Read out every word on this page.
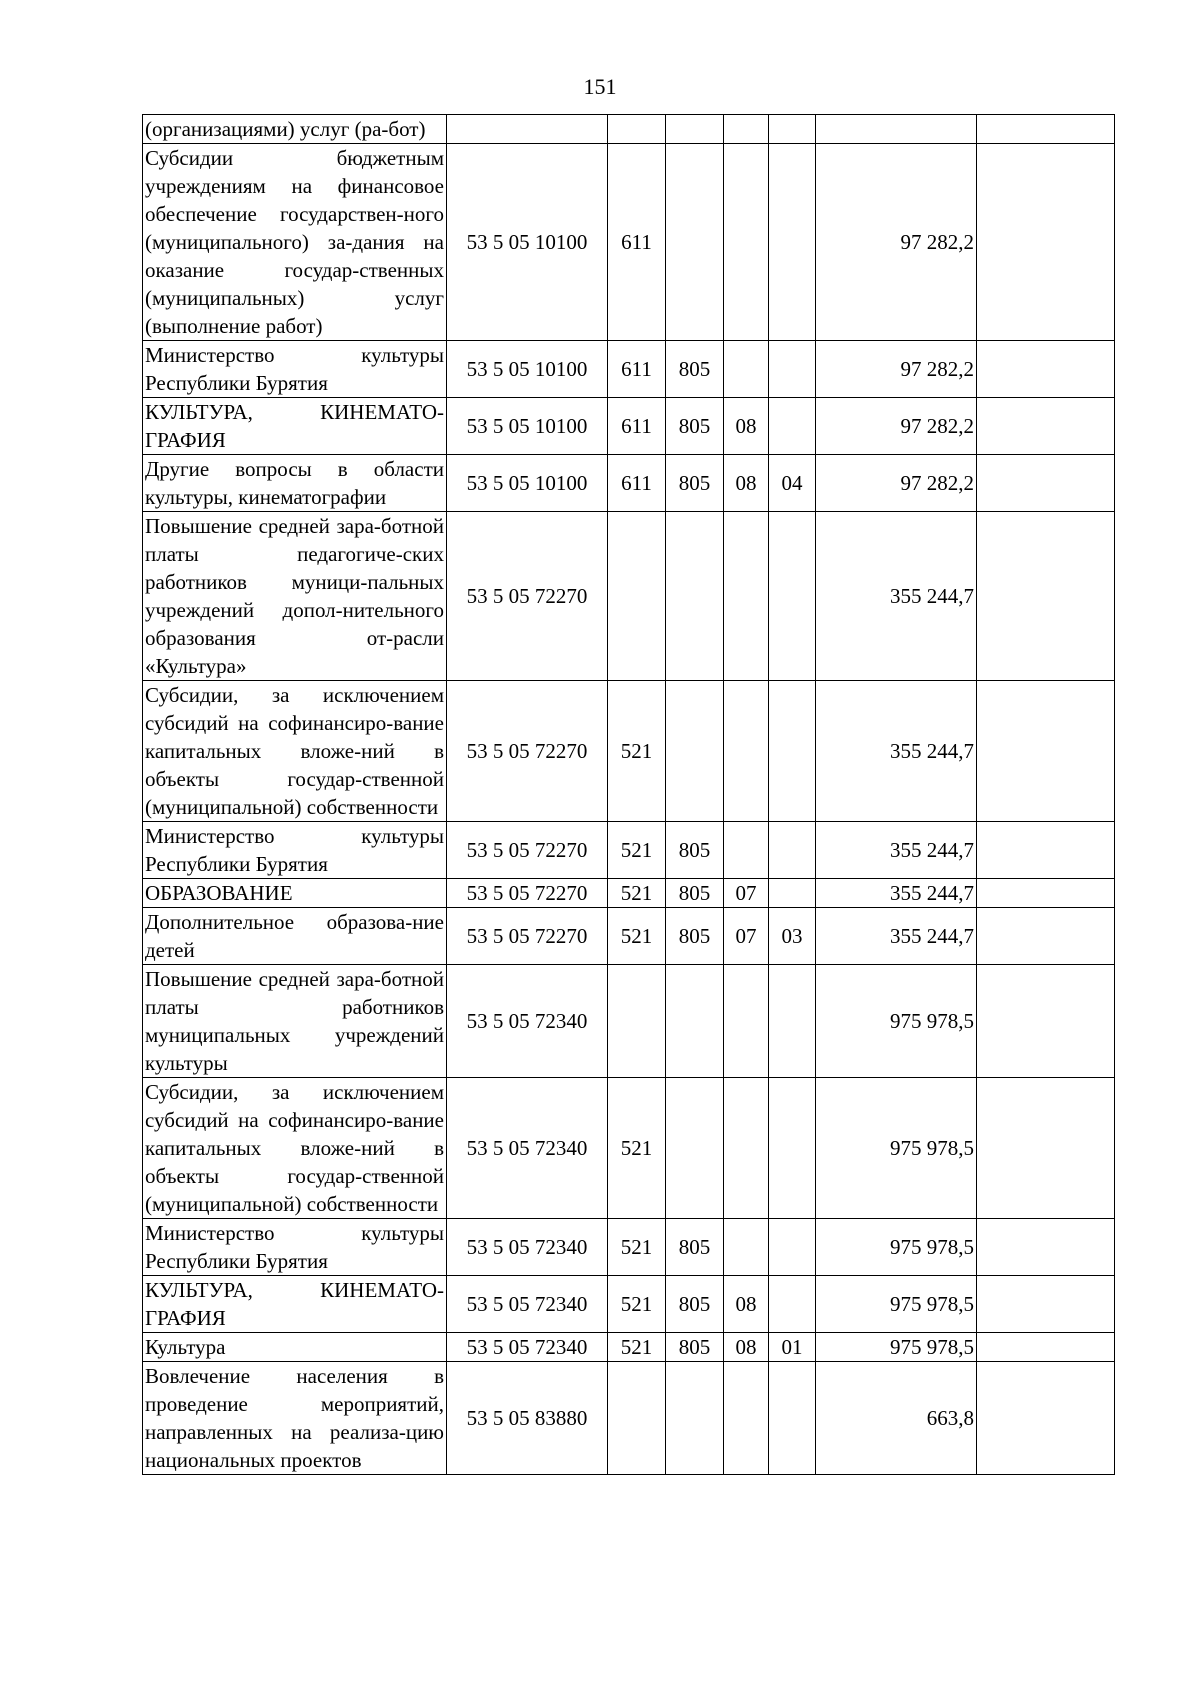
151
(организациями) услуг (ра-бот)							
Субсидии бюджетным учреждениям на финансовое обеспечение государствен-ного (муниципального) за-дания на оказание государ-ственных (муниципальных) услуг (выполнение работ)	53 5 05 10100	611				97 282,2	
Министерство культуры Республики Бурятия	53 5 05 10100	611	805			97 282,2	
КУЛЬТУРА, КИНЕМАТО-ГРАФИЯ	53 5 05 10100	611	805	08		97 282,2	
Другие вопросы в области культуры, кинематографии	53 5 05 10100	611	805	08	04	97 282,2	
Повышение средней зара-ботной платы педагогиче-ских работников муници-пальных учреждений допол-нительного образования от-расли «Культура»	53 5 05 72270					355 244,7	
Субсидии, за исключением субсидий на софинансиро-вание капитальных вложе-ний в объекты государ-ственной (муниципальной) собственности	53 5 05 72270	521				355 244,7	
Министерство культуры Республики Бурятия	53 5 05 72270	521	805			355 244,7	
ОБРАЗОВАНИЕ	53 5 05 72270	521	805	07		355 244,7	
Дополнительное образова-ние детей	53 5 05 72270	521	805	07	03	355 244,7	
Повышение средней зара-ботной платы работников муниципальных учреждений культуры	53 5 05 72340					975 978,5	
Субсидии, за исключением субсидий на софинансиро-вание капитальных вложе-ний в объекты государ-ственной (муниципальной) собственности	53 5 05 72340	521				975 978,5	
Министерство культуры Республики Бурятия	53 5 05 72340	521	805			975 978,5	
КУЛЬТУРА, КИНЕМАТО-ГРАФИЯ	53 5 05 72340	521	805	08		975 978,5	
Культура	53 5 05 72340	521	805	08	01	975 978,5	
Вовлечение населения в проведение мероприятий, направленных на реализа-цию национальных проектов	53 5 05 83880					663,8	
